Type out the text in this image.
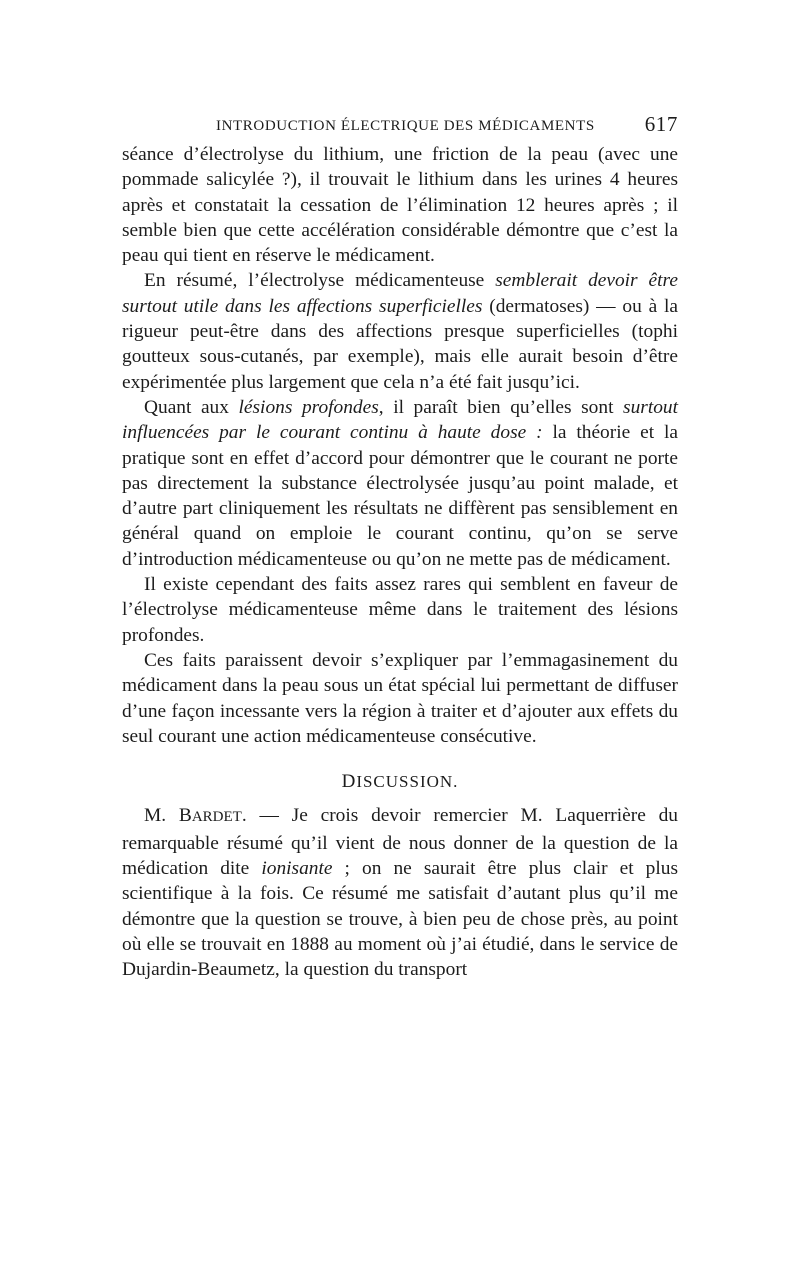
INTRODUCTION ÉLECTRIQUE DES MÉDICAMENTS 617

séance d’électrolyse du lithium, une friction de la peau (avec une pommade salicylée ?), il trouvait le lithium dans les urines 4 heures après et constatait la cessation de l’élimination 12 heures après ; il semble bien que cette accélération considérable démontre que c’est la peau qui tient en réserve le médicament.

En résumé, l’électrolyse médicamenteuse semblerait devoir être surtout utile dans les affections superficielles (dermatoses) — ou à la rigueur peut-être dans des affections presque superficielles (tophi goutteux sous-cutanés, par exemple), mais elle aurait besoin d’être expérimentée plus largement que cela n’a été fait jusqu’ici.

Quant aux lésions profondes, il paraît bien qu’elles sont surtout influencées par le courant continu à haute dose : la théorie et la pratique sont en effet d’accord pour démontrer que le courant ne porte pas directement la substance électrolysée jusqu’au point malade, et d’autre part cliniquement les résultats ne diffèrent pas sensiblement en général quand on emploie le courant continu, qu’on se serve d’introduction médicamenteuse ou qu’on ne mette pas de médicament.

Il existe cependant des faits assez rares qui semblent en faveur de l’électrolyse médicamenteuse même dans le traitement des lésions profondes.

Ces faits paraissent devoir s’expliquer par l’emmagasinement du médicament dans la peau sous un état spécial lui permettant de diffuser d’une façon incessante vers la région à traiter et d’ajouter aux effets du seul courant une action médicamenteuse consécutive.

DISCUSSION.

M. BARDET. — Je crois devoir remercier M. Laquerrière du remarquable résumé qu’il vient de nous donner de la question de la médication dite ionisante ; on ne saurait être plus clair et plus scientifique à la fois. Ce résumé me satisfait d’autant plus qu’il me démontre que la question se trouve, à bien peu de chose près, au point où elle se trouvait en 1888 au moment où j’ai étudié, dans le service de Dujardin-Beaumetz, la question du transport
